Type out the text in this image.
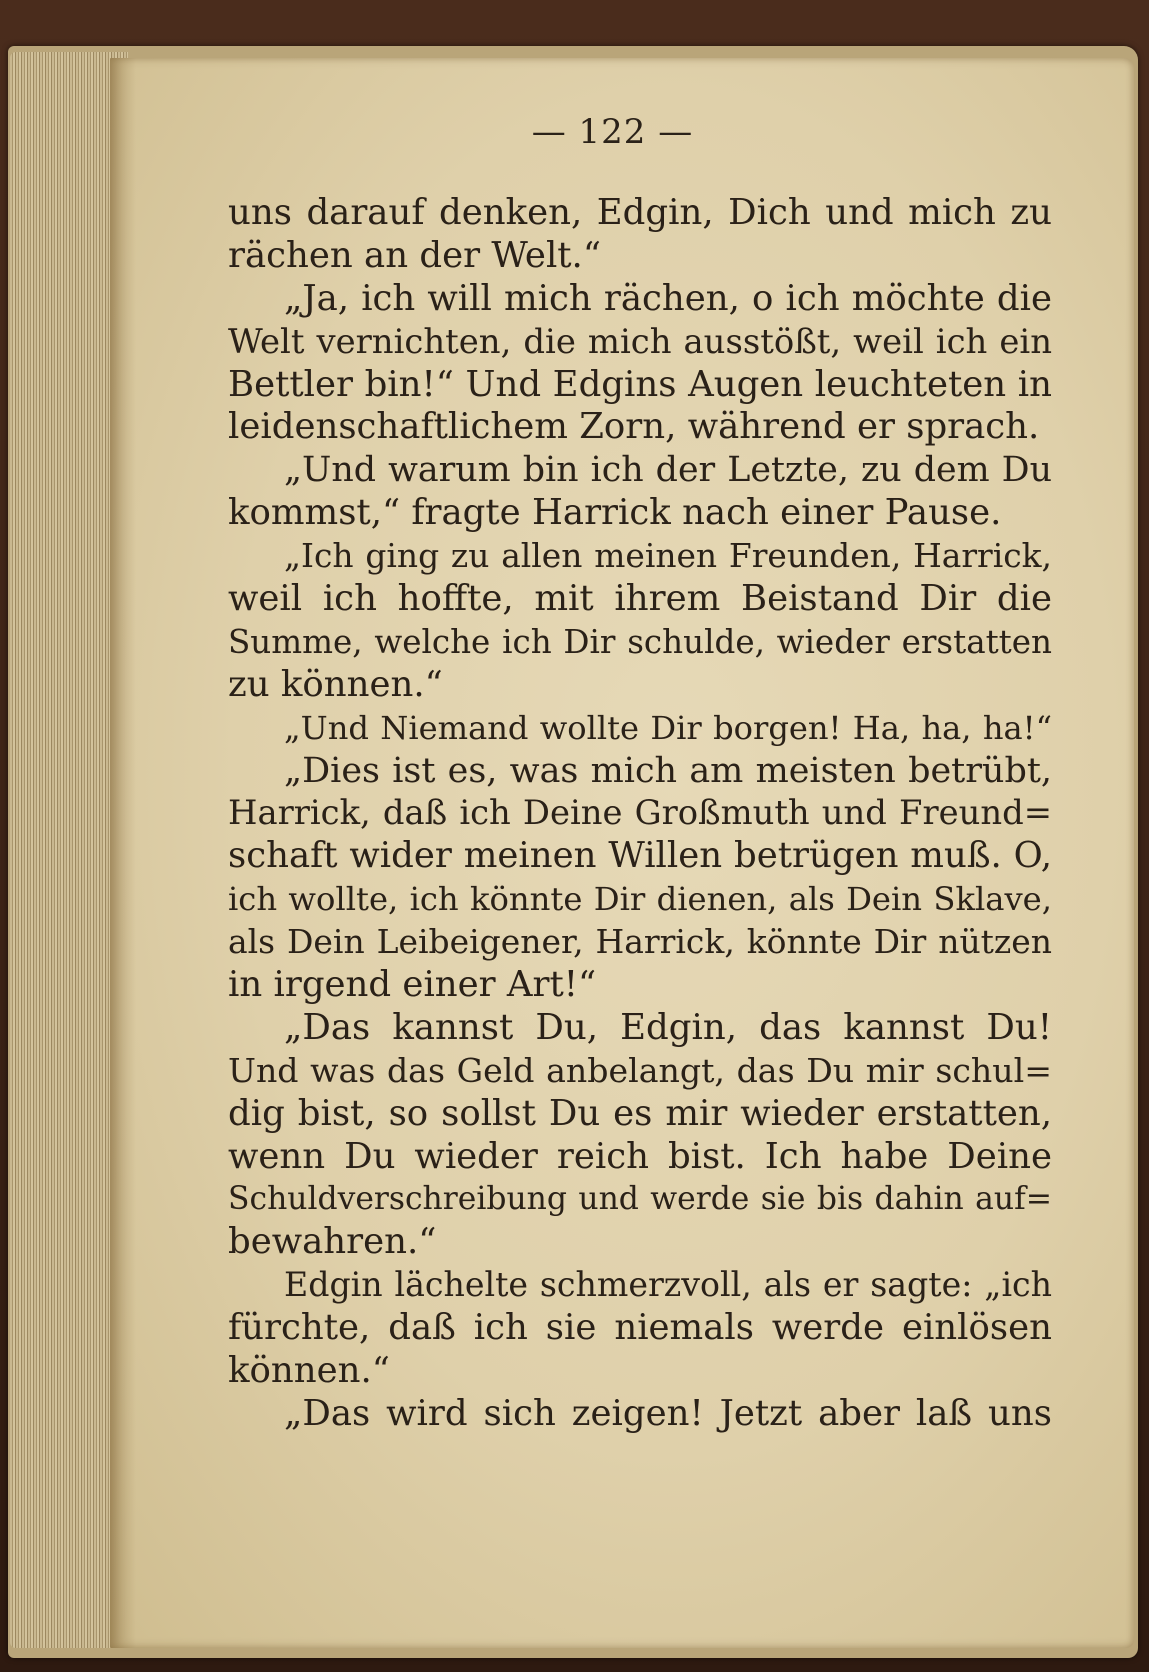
— 122 —
uns darauf denken, Edgin, Dich und mich zu
rächen an der Welt.“
„Ja, ich will mich rächen, o ich möchte die
Welt vernichten, die mich ausstößt, weil ich ein
Bettler bin!“ Und Edgins Augen leuchteten in
leidenschaftlichem Zorn, während er sprach.
„Und warum bin ich der Letzte, zu dem Du
kommst,“ fragte Harrick nach einer Pause.
„Ich ging zu allen meinen Freunden, Harrick,
weil ich hoffte, mit ihrem Beistand Dir die
Summe, welche ich Dir schulde, wieder erstatten
zu können.“
„Und Niemand wollte Dir borgen! Ha, ha, ha!“
„Dies ist es, was mich am meisten betrübt,
Harrick, daß ich Deine Großmuth und Freund=
schaft wider meinen Willen betrügen muß. O,
ich wollte, ich könnte Dir dienen, als Dein Sklave,
als Dein Leibeigener, Harrick, könnte Dir nützen
in irgend einer Art!“
„Das kannst Du, Edgin, das kannst Du!
Und was das Geld anbelangt, das Du mir schul=
dig bist, so sollst Du es mir wieder erstatten,
wenn Du wieder reich bist. Ich habe Deine
Schuldverschreibung und werde sie bis dahin auf=
bewahren.“
Edgin lächelte schmerzvoll, als er sagte: „ich
fürchte, daß ich sie niemals werde einlösen
können.“
„Das wird sich zeigen! Jetzt aber laß uns
